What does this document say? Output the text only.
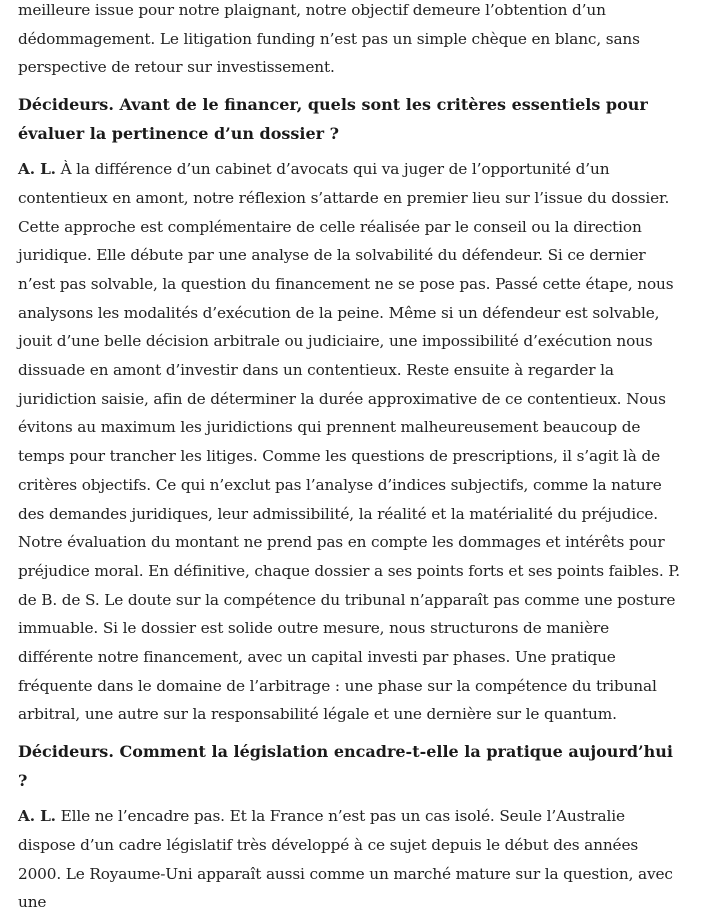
meilleure issue pour notre plaignant, notre objectif demeure l’obtention d’un dédommagement. Le litigation funding n’est pas un simple chèque en blanc, sans perspective de retour sur investissement.

Décideurs. Avant de le financer, quels sont les critères essentiels pour évaluer la pertinence d’un dossier ?

A. L. À la différence d’un cabinet d’avocats qui va juger de l’opportunité d’un contentieux en amont, notre réflexion s’attarde en premier lieu sur l’issue du dossier. Cette approche est complémentaire de celle réalisée par le conseil ou la direction juridique. Elle débute par une analyse de la solvabilité du défendeur. Si ce dernier n’est pas solvable, la question du financement ne se pose pas. Passé cette étape, nous analysons les modalités d’exécution de la peine. Même si un défendeur est solvable, jouit d’une belle décision arbitrale ou judiciaire, une impossibilité d’exécution nous dissuade en amont d’investir dans un contentieux. Reste ensuite à regarder la juridiction saisie, afin de déterminer la durée approximative de ce contentieux. Nous évitons au maximum les juridictions qui prennent malheureusement beaucoup de temps pour trancher les litiges. Comme les questions de prescriptions, il s’agit là de critères objectifs. Ce qui n’exclut pas l’analyse d’indices subjectifs, comme la nature des demandes juridiques, leur admissibilité, la réalité et la matérialité du préjudice. Notre évaluation du montant ne prend pas en compte les dommages et intérêts pour préjudice moral. En définitive, chaque dossier a ses points forts et ses points faibles. P. de B. de S. Le doute sur la compétence du tribunal n’apparaît pas comme une posture immuable. Si le dossier est solide outre mesure, nous structurons de manière différente notre financement, avec un capital investi par phases. Une pratique fréquente dans le domaine de l’arbitrage : une phase sur la compétence du tribunal arbitral, une autre sur la responsabilité légale et une dernière sur le quantum.

Décideurs. Comment la législation encadre-t-elle la pratique aujourd’hui ?

A. L. Elle ne l’encadre pas. Et la France n’est pas un cas isolé. Seule l’Australie dispose d’un cadre législatif très développé à ce sujet depuis le début des années 2000. Le Royaume-Uni apparaît aussi comme un marché mature sur la question, avec une
